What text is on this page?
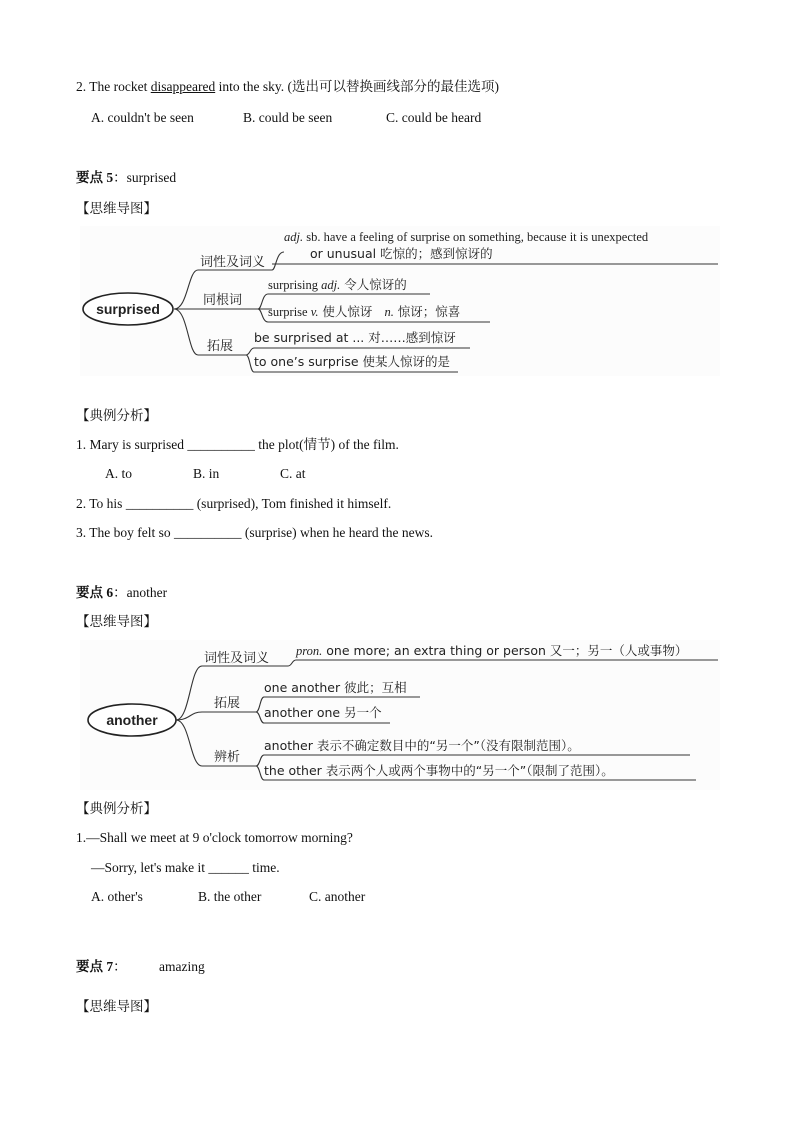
2. The rocket disappeared into the sky. (选出可以替换画线部分的最佳选项)
A. couldn't be seen	B. could be seen	C. could be heard
要点 5：surprised
【思维导图】
surprised
词性及词义
同根词
拓展
adj. sb. have a feeling of surprise on something, because it is unexpected
or unusual 吃惊的；感到惊讶的
surprising adj. 令人惊讶的
surprise v. 使人惊讶 n. 惊讶；惊喜
be surprised at ... 对……感到惊讶
to one’s surprise 使某人惊讶的是
【典例分析】
1. Mary is surprised __________ the plot(情节) of the film.
A. to	B. in	C. at
2. To his __________ (surprised), Tom finished it himself.
3. The boy felt so __________ (surprise) when he heard the news.
要点 6：another
【思维导图】
another
词性及词义
拓展
辨析
pron. one more; an extra thing or person 又一；另一（人或事物）
one another 彼此；互相
another one 另一个
another 表示不确定数目中的“另一个”（没有限制范围）。
the other 表示两个人或两个事物中的“另一个”（限制了范围）。
【典例分析】
1.—Shall we meet at 9 o'clock tomorrow morning?
—Sorry, let's make it ______ time.
A. other's	B. the other	C. another
要点 7： amazing
【思维导图】
